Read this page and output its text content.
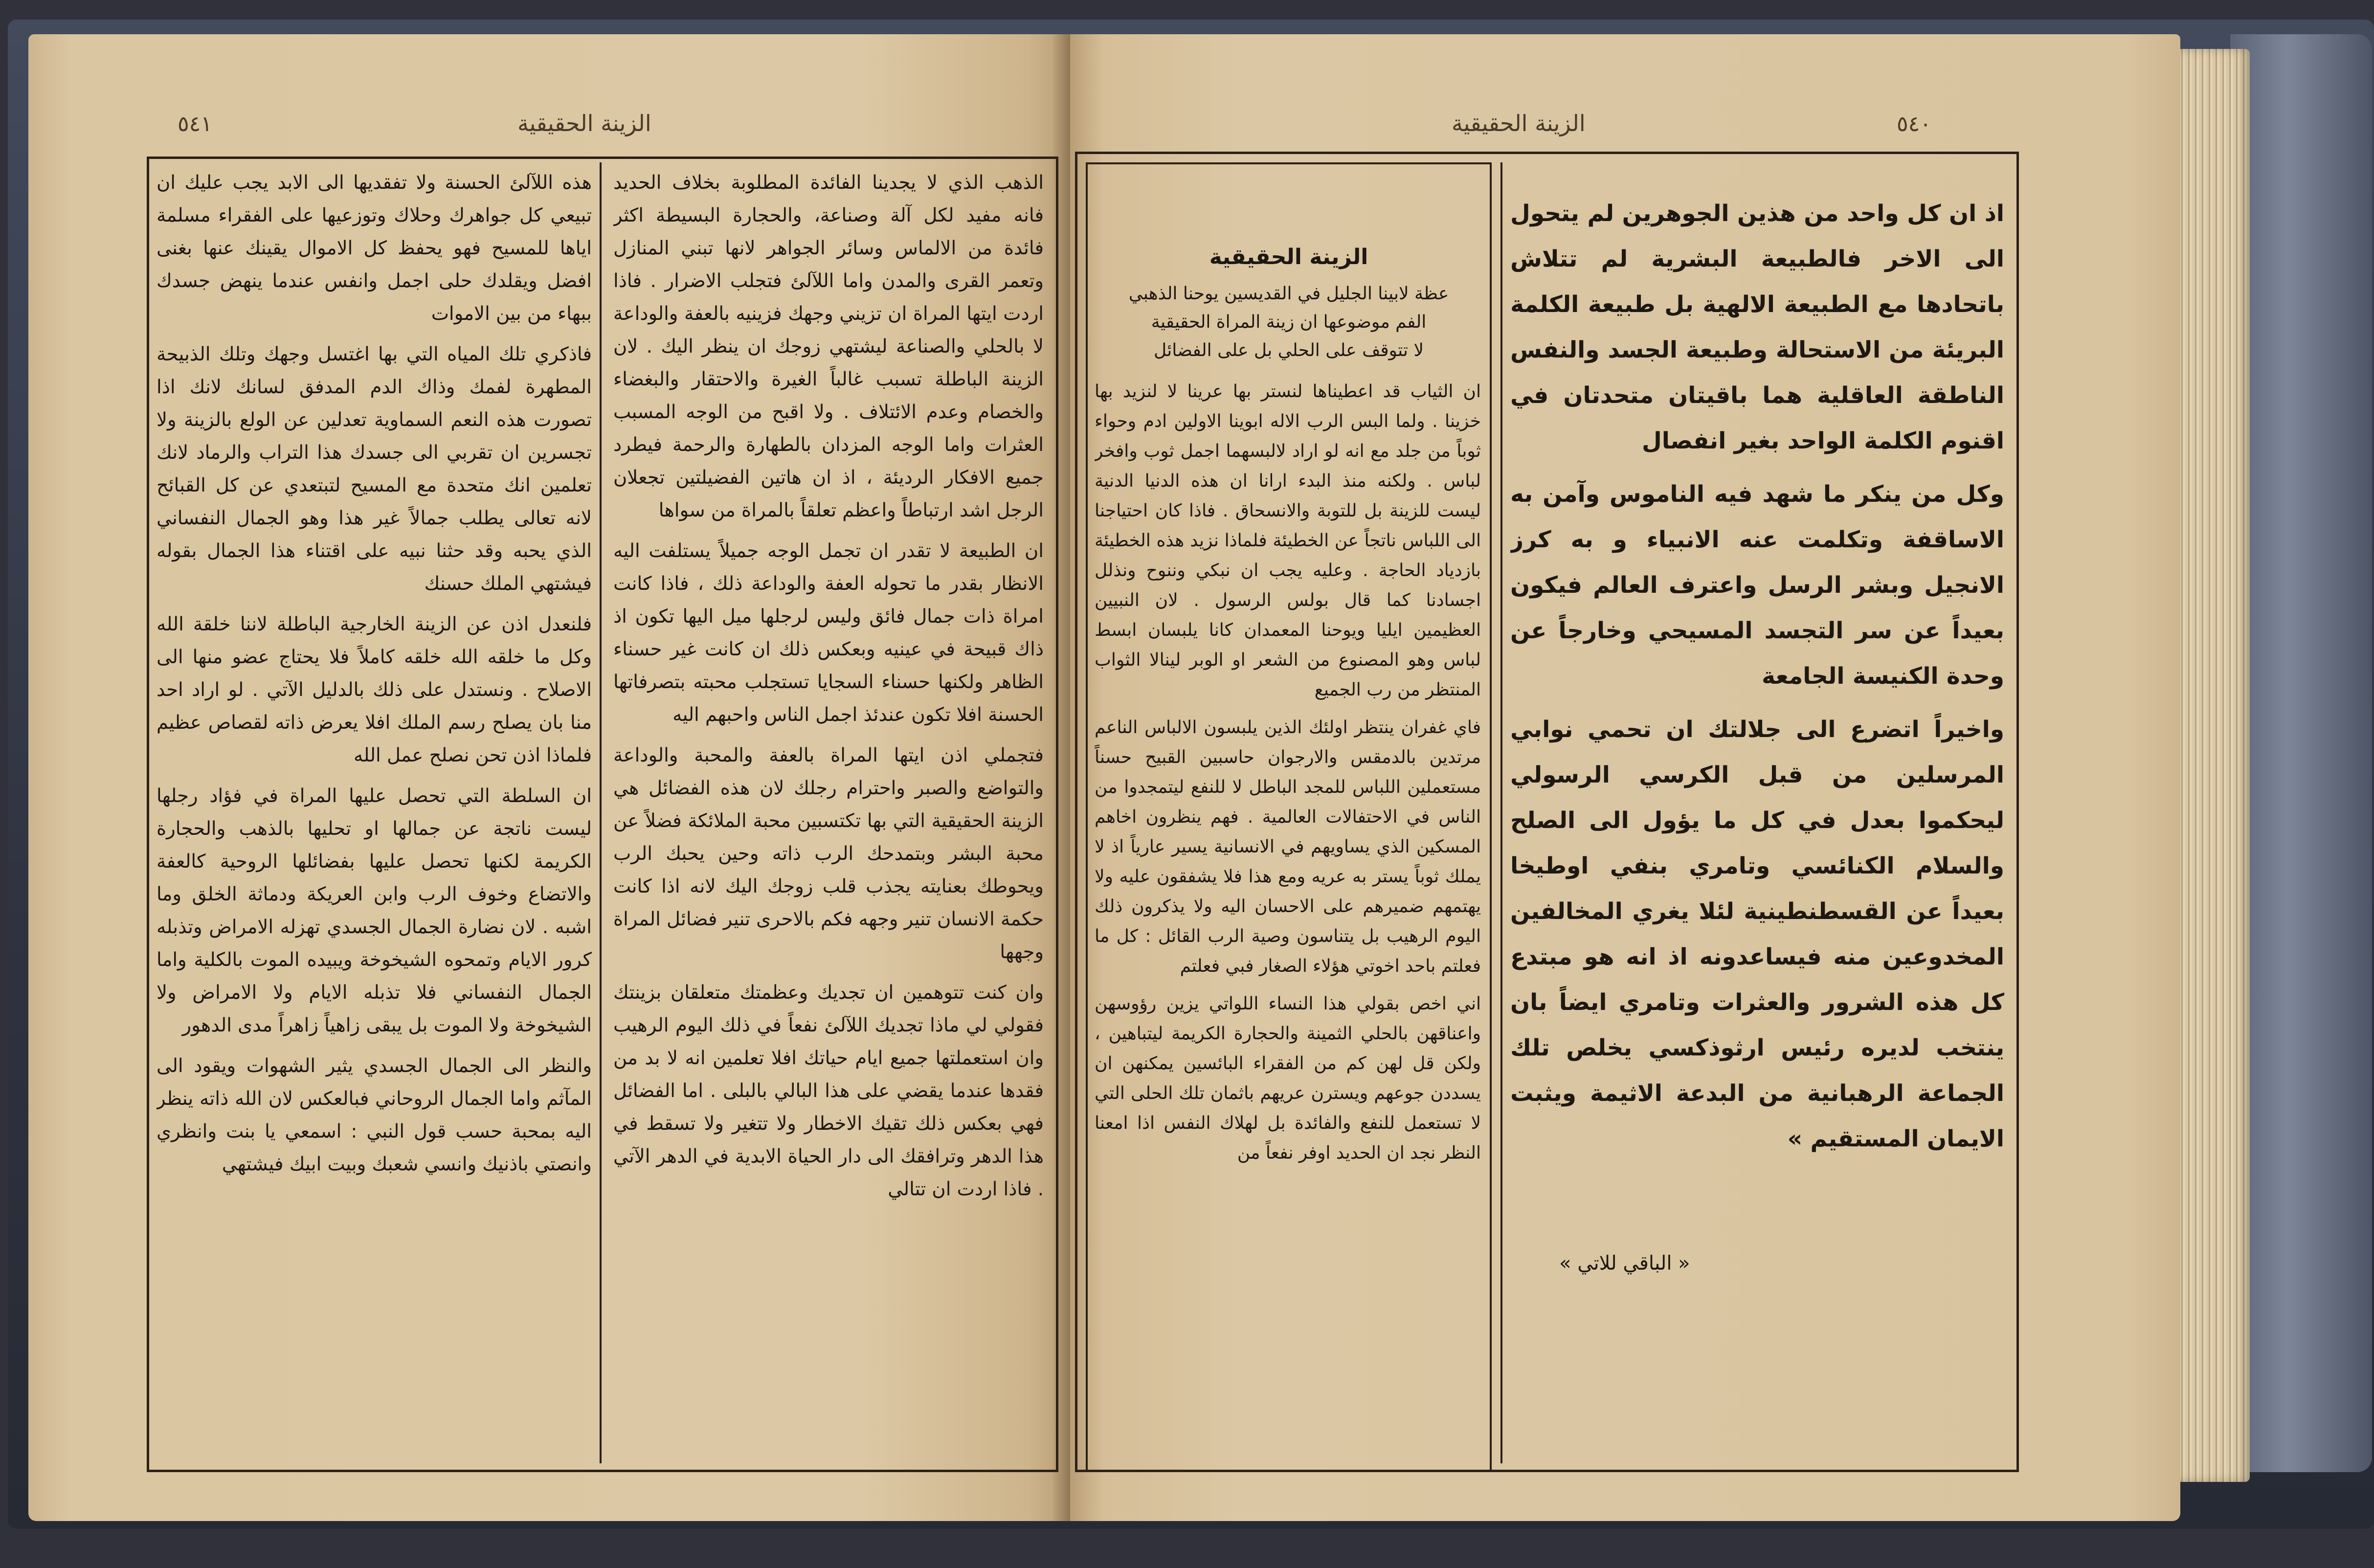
الزينة الحقيقية
٥٤١

الذهب الذي لا يجدينا الفائدة المطلوبة بخلاف الحديد فانه مفيد لكل آلة وصناعة، والحجارة البسيطة اكثر فائدة من الالماس وسائر الجواهر لانها تبني المنازل وتعمر القرى والمدن واما اللآلئ فتجلب الاضرار . فاذا اردت ايتها المراة ان تزيني وجهك فزينيه بالعفة والوداعة لا بالحلي والصناعة ليشتهي زوجك ان ينظر اليك . لان الزينة الباطلة تسبب غالباً الغيرة والاحتقار والبغضاء والخصام وعدم الائتلاف . ولا اقبح من الوجه المسبب العثرات واما الوجه المزدان بالطهارة والرحمة فيطرد جميع الافكار الرديئة ، اذ ان هاتين الفضيلتين تجعلان الرجل اشد ارتباطاً واعظم تعلقاً بالمراة من سواها

ان الطبيعة لا تقدر ان تجمل الوجه جميلاً يستلفت اليه الانظار بقدر ما تحوله العفة والوداعة ذلك ، فاذا كانت امراة ذات جمال فائق وليس لرجلها ميل اليها تكون اذ ذاك قبيحة في عينيه وبعكس ذلك ان كانت غير حسناء الظاهر ولكنها حسناء السجايا تستجلب محبته بتصرفاتها الحسنة افلا تكون عندئذ اجمل الناس واحبهم اليه

فتجملي اذن ايتها المراة بالعفة والمحبة والوداعة والتواضع والصبر واحترام رجلك لان هذه الفضائل هي الزينة الحقيقية التي بها تكتسبين محبة الملائكة فضلاً عن محبة البشر وبتمدحك الرب ذاته وحين يحبك الرب ويحوطك بعنايته يجذب قلب زوجك اليك لانه اذا كانت حكمة الانسان تنير وجهه فكم بالاحرى تنير فضائل المراة وجهها

وان كنت تتوهمين ان تجديك وعظمتك متعلقان بزينتك فقولي لي ماذا تجديك اللآلئ نفعاً في ذلك اليوم الرهيب وان استعملتها جميع ايام حياتك افلا تعلمين انه لا بد من فقدها عندما يقضي على هذا البالي بالبلى . اما الفضائل فهي بعكس ذلك تقيك الاخطار ولا تتغير ولا تسقط في هذا الدهر وترافقك الى دار الحياة الابدية في الدهر الآتي . فاذا اردت ان تتالي

هذه اللآلئ الحسنة ولا تفقديها الى الابد يجب عليك ان تبيعي كل جواهرك وحلاك وتوزعيها على الفقراء مسلمة اياها للمسيح فهو يحفظ كل الاموال يقينك عنها بغنى افضل ويقلدك حلى اجمل وانفس عندما ينهض جسدك ببهاء من بين الاموات

فاذكري تلك المياه التي بها اغتسل وجهك وتلك الذبيحة المطهرة لفمك وذاك الدم المدفق لسانك لانك اذا تصورت هذه النعم السماوية تعدلين عن الولع بالزينة ولا تجسرين ان تقربي الى جسدك هذا التراب والرماد لانك تعلمين انك متحدة مع المسيح لتبتعدي عن كل القبائح لانه تعالى يطلب جمالاً غير هذا وهو الجمال النفساني الذي يحبه وقد حثنا نبيه على اقتناء هذا الجمال بقوله فيشتهي الملك حسنك

فلنعدل اذن عن الزينة الخارجية الباطلة لاننا خلقة الله وكل ما خلقه الله خلقه كاملاً فلا يحتاج عضو منها الى الاصلاح . ونستدل على ذلك بالدليل الآتي . لو اراد احد منا بان يصلح رسم الملك افلا يعرض ذاته لقصاص عظيم فلماذا اذن تحن نصلح عمل الله

ان السلطة التي تحصل عليها المراة في فؤاد رجلها ليست ناتجة عن جمالها او تحليها بالذهب والحجارة الكريمة لكنها تحصل عليها بفضائلها الروحية كالعفة والاتضاع وخوف الرب وابن العريكة ودماثة الخلق وما اشبه . لان نضارة الجمال الجسدي تهزله الامراض وتذبله كرور الايام وتمحوه الشيخوخة ويبيده الموت بالكلية واما الجمال النفساني فلا تذبله الايام ولا الامراض ولا الشيخوخة ولا الموت بل يبقى زاهياً زاهراً مدى الدهور

والنظر الى الجمال الجسدي يثير الشهوات ويقود الى المآثم واما الجمال الروحاني فبالعكس لان الله ذاته ينظر اليه بمحبة حسب قول النبي : اسمعي يا بنت وانظري وانصتي باذنيك وانسي شعبك وبيت ابيك فيشتهي

الزينة الحقيقية	٥٤٠
الزينة الحقيقية
عظة لابينا الجليل في القديسين يوحنا الذهبي
الفم موضوعها ان زينة المراة الحقيقية
لا تتوقف على الحلي بل على الفضائل

ان الثياب قد اعطيناها لنستر بها عرينا لا لنزيد بها خزينا . ولما البس الرب الاله ابوينا الاولين ادم وحواء ثوباً من جلد مع انه لو اراد لالبسهما اجمل ثوب وافخر لباس . ولكنه منذ البدء ارانا ان هذه الدنيا الدنية ليست للزينة بل للتوبة والانسحاق . فاذا كان احتياجنا الى اللباس ناتجاً عن الخطيئة فلماذا نزيد هذه الخطيئة بازدياد الحاجة . وعليه يجب ان نبكي وننوح ونذلل اجسادنا كما قال بولس الرسول . لان النبيين العظيمين ايليا ويوحنا المعمدان كانا يلبسان ابسط لباس وهو المصنوع من الشعر او الوبر لينالا الثواب المنتظر من رب الجميع

فاي غفران ينتظر اولئك الذين يلبسون الالباس الناعم مرتدين بالدمقس والارجوان حاسبين القبيح حسناً مستعملين اللباس للمجد الباطل لا للنفع ليتمجدوا من الناس في الاحتفالات العالمية . فهم ينظرون اخاهم المسكين الذي يساويهم في الانسانية يسير عارياً اذ لا يملك ثوباً يستر به عريه ومع هذا فلا يشفقون عليه ولا يهتمهم ضميرهم على الاحسان اليه ولا يذكرون ذلك اليوم الرهيب بل يتناسون وصية الرب القائل : كل ما فعلتم باحد اخوتي هؤلاء الصغار فبي فعلتم

اني اخص بقولي هذا النساء اللواتي يزين رؤوسهن واعناقهن بالحلي الثمينة والحجارة الكريمة ليتباهين ، ولكن قل لهن كم من الفقراء البائسين يمكنهن ان يسددن جوعهم ويسترن عريهم باثمان تلك الحلى التي لا تستعمل للنفع والفائدة بل لهلاك النفس اذا امعنا النظر نجد ان الحديد اوفر نفعاً من

اذ ان كل واحد من هذين الجوهرين لم يتحول الى الاخر فالطبيعة البشرية لم تتلاش باتحادها مع الطبيعة الالهية بل طبيعة الكلمة البريئة من الاستحالة وطبيعة الجسد والنفس الناطقة العاقلية هما باقيتان متحدتان في اقنوم الكلمة الواحد بغير انفصال

وكل من ينكر ما شهد فيه الناموس وآمن به الاساقفة وتكلمت عنه الانبياء و به كرز الانجيل وبشر الرسل واعترف العالم فيكون بعيداً عن سر التجسد المسيحي وخارجاً عن وحدة الكنيسة الجامعة

واخيراً اتضرع الى جلالتك ان تحمي نوابي المرسلين من قبل الكرسي الرسولي ليحكموا بعدل في كل ما يؤول الى الصلح والسلام الكنائسي وتامري بنفي اوطيخا بعيداً عن القسطنطينية لئلا يغري المخالفين المخدوعين منه فيساعدونه اذ انه هو مبتدع كل هذه الشرور والعثرات وتامري ايضاً بان ينتخب لديره رئيس ارثوذكسي يخلص تلك الجماعة الرهبانية من البدعة الاثيمة ويثبت الايمان المستقيم »

« الباقي للاتي »
